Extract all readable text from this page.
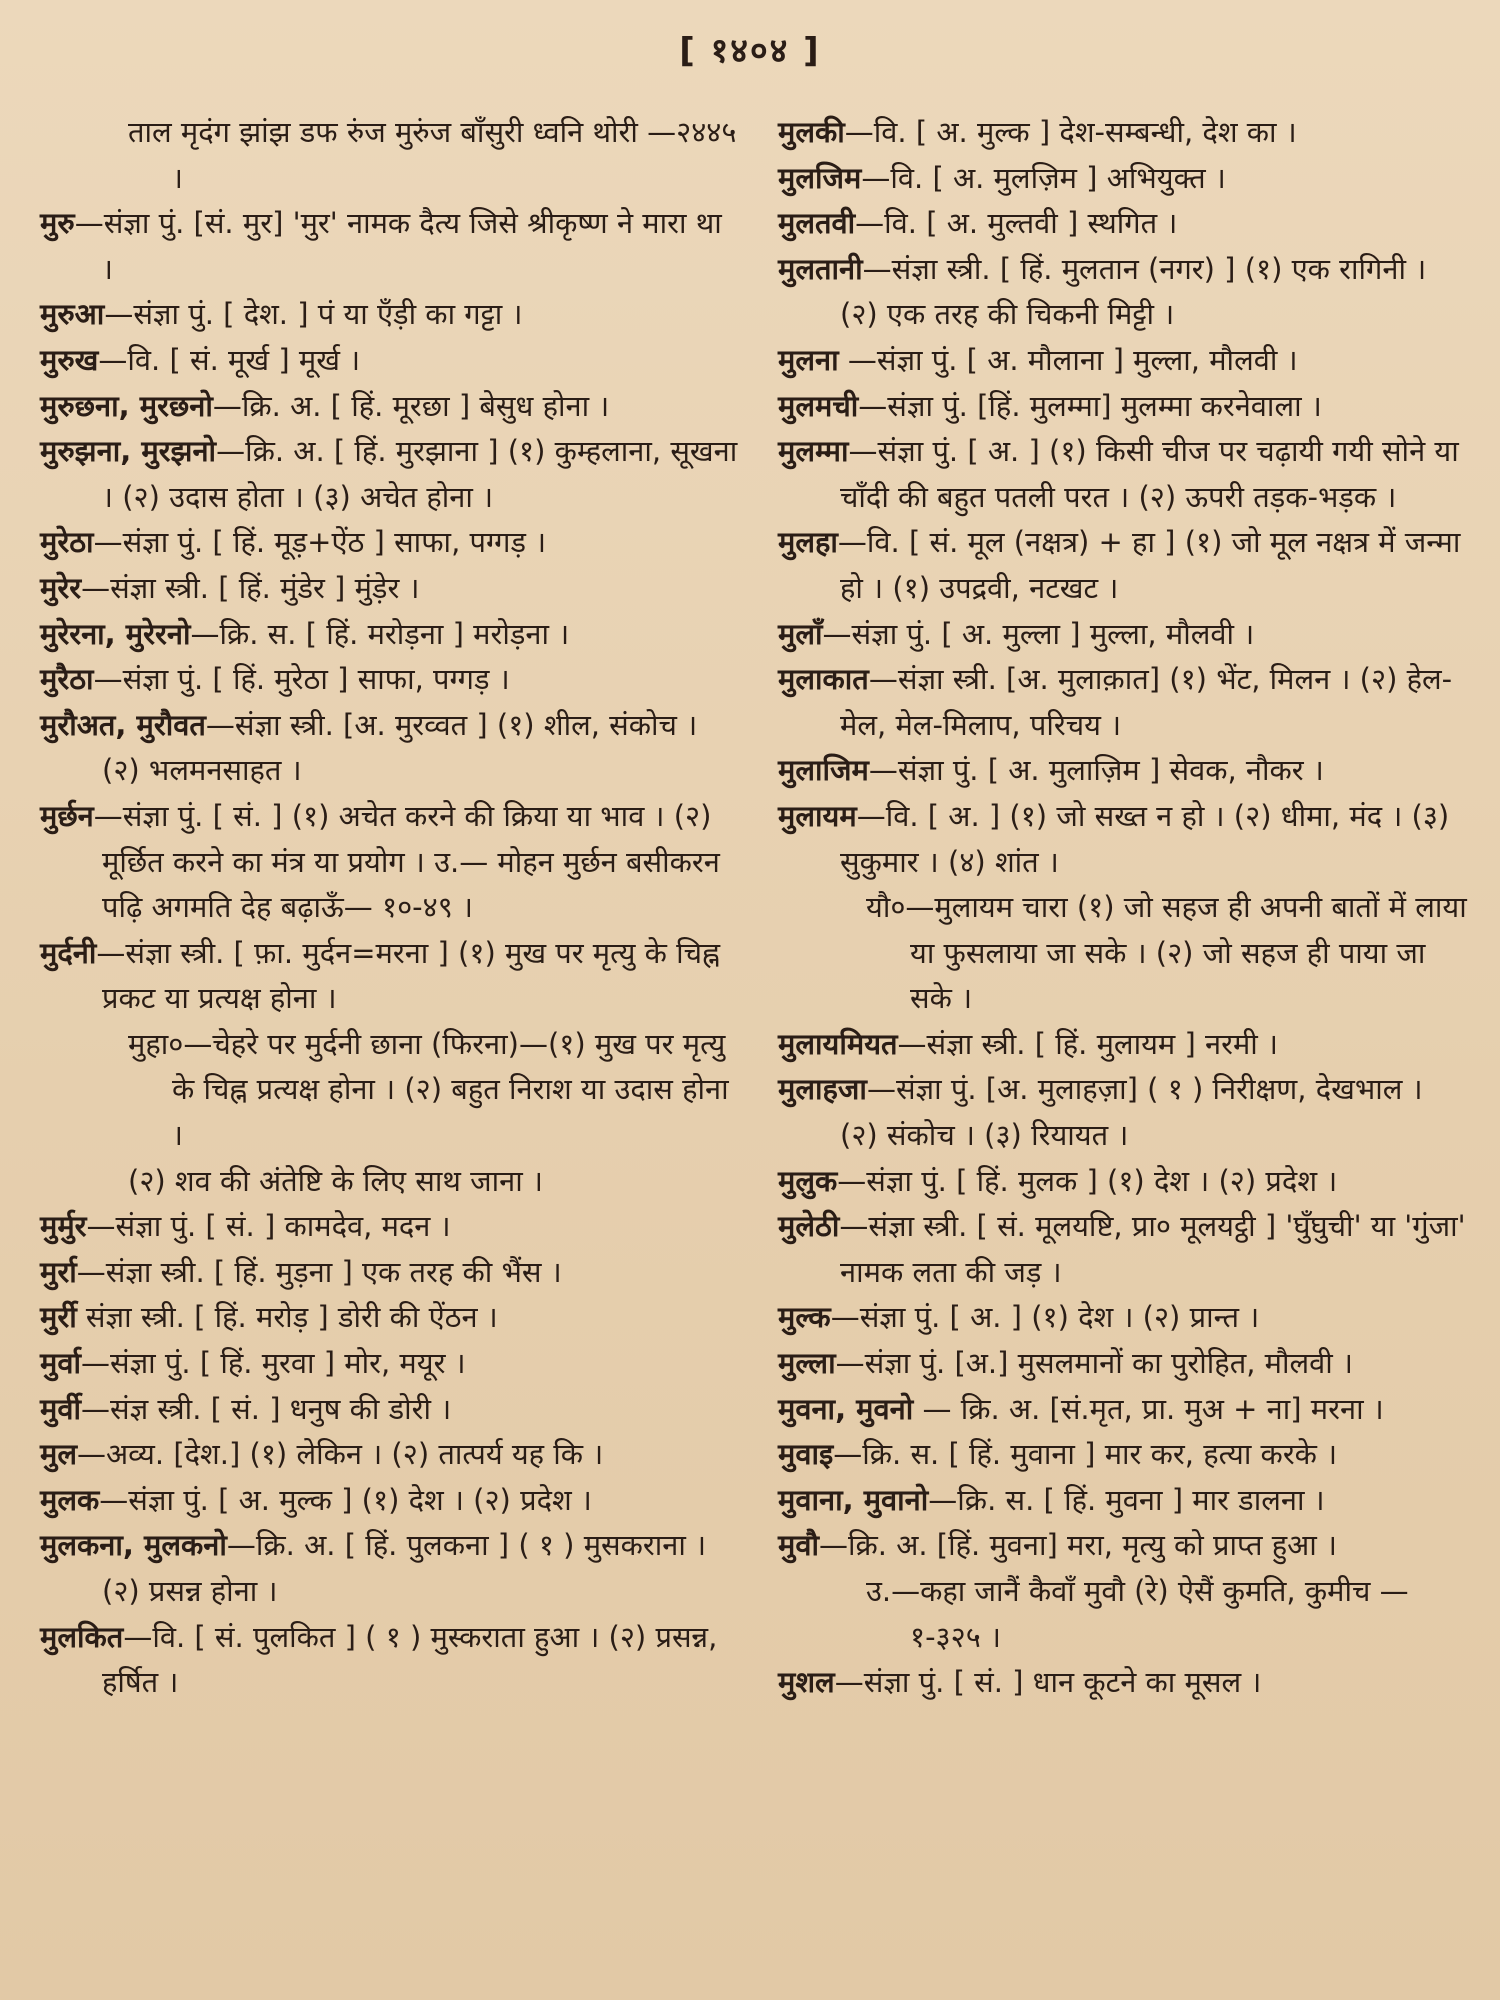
[ १४०४ ]

ताल मृदंग झांझ डफ रुंज मुरुंज बाँसुरी ध्वनि थोरी —२४४५ ।

मुरु—संज्ञा पुं. [सं. मुर] 'मुर' नामक दैत्य जिसे श्रीकृष्ण ने मारा था ।

मुरुआ—संज्ञा पुं. [ देश. ] पं या एँड़ी का गट्टा ।

मुरुख—वि. [ सं. मूर्ख ] मूर्ख ।

मुरुछना, मुरछनो—क्रि. अ. [ हिं. मूरछा ] बेसुध होना ।

मुरुझना, मुरझनो—क्रि. अ. [ हिं. मुरझाना ] (१) कुम्हलाना, सूखना । (२) उदास होता । (३) अचेत होना ।

मुरेठा—संज्ञा पुं. [ हिं. मूड़+ऐंठ ] साफा, पग्गड़ ।

मुरेर—संज्ञा स्त्री. [ हिं. मुंडेर ] मुंड़ेर ।

मुरेरना, मुरेरनो—क्रि. स. [ हिं. मरोड़ना ] मरोड़ना ।

मुरैठा—संज्ञा पुं. [ हिं. मुरेठा ] साफा, पग्गड़ ।

मुरौअत, मुरौवत—संज्ञा स्त्री. [अ. मुरव्वत ] (१) शील, संकोच । (२) भलमनसाहत ।

मुर्छन—संज्ञा पुं. [ सं. ] (१) अचेत करने की क्रिया या भाव । (२) मूर्छित करने का मंत्र या प्रयोग । उ.— मोहन मुर्छन बसीकरन पढ़ि अगमति देह बढ़ाऊँ— १०-४९ ।

मुर्दनी—संज्ञा स्त्री. [ फ़ा. मुर्दन=मरना ] (१) मुख पर मृत्यु के चिह्न प्रकट या प्रत्यक्ष होना ।

मुहा०—चेहरे पर मुर्दनी छाना (फिरना)—(१) मुख पर मृत्यु के चिह्न प्रत्यक्ष होना । (२) बहुत निराश या उदास होना ।

(२) शव की अंतेष्टि के लिए साथ जाना ।

मुर्मुर—संज्ञा पुं. [ सं. ] कामदेव, मदन ।

मुर्रा—संज्ञा स्त्री. [ हिं. मुड़ना ] एक तरह की भैंस ।

मुर्री संज्ञा स्त्री. [ हिं. मरोड़ ] डोरी की ऐंठन ।

मुर्वा—संज्ञा पुं. [ हिं. मुरवा ] मोर, मयूर ।

मुर्वी—संज्ञ स्त्री. [ सं. ] धनुष की डोरी ।

मुल—अव्य. [देश.] (१) लेकिन । (२) तात्पर्य यह कि ।

मुलक—संज्ञा पुं. [ अ. मुल्क ] (१) देश । (२) प्रदेश ।

मुलकना, मुलकनो—क्रि. अ. [ हिं. पुलकना ] ( १ ) मुसकराना । (२) प्रसन्न होना ।

मुलकित—वि. [ सं. पुलकित ] ( १ ) मुस्कराता हुआ । (२) प्रसन्न, हर्षित ।

मुलकी—वि. [ अ. मुल्क ] देश-सम्बन्धी, देश का ।

मुलजिम—वि. [ अ. मुलज़िम ] अभियुक्त ।

मुलतवी—वि. [ अ. मुल्तवी ] स्थगित ।

मुलतानी—संज्ञा स्त्री. [ हिं. मुलतान (नगर) ] (१) एक रागिनी । (२) एक तरह की चिकनी मिट्टी ।

मुलना —संज्ञा पुं. [ अ. मौलाना ] मुल्ला, मौलवी ।

मुलमची—संज्ञा पुं. [हिं. मुलम्मा] मुलम्मा करनेवाला ।

मुलम्मा—संज्ञा पुं. [ अ. ] (१) किसी चीज पर चढ़ायी गयी सोने या चाँदी की बहुत पतली परत । (२) ऊपरी तड़क-भड़क ।

मुलहा—वि. [ सं. मूल (नक्षत्र) + हा ] (१) जो मूल नक्षत्र में जन्मा हो । (१) उपद्रवी, नटखट ।

मुलाँ—संज्ञा पुं. [ अ. मुल्ला ] मुल्ला, मौलवी ।

मुलाकात—संज्ञा स्त्री. [अ. मुलाक़ात] (१) भेंट, मिलन । (२) हेल-मेल, मेल-मिलाप, परिचय ।

मुलाजिम—संज्ञा पुं. [ अ. मुलाज़िम ] सेवक, नौकर ।

मुलायम—वि. [ अ. ] (१) जो सख्त न हो । (२) धीमा, मंद । (३) सुकुमार । (४) शांत ।

यौ०—मुलायम चारा (१) जो सहज ही अपनी बातों में लाया या फुसलाया जा सके । (२) जो सहज ही पाया जा सके ।

मुलायमियत—संज्ञा स्त्री. [ हिं. मुलायम ] नरमी ।

मुलाहजा—संज्ञा पुं. [अ. मुलाहज़ा] ( १ ) निरीक्षण, देखभाल । (२) संकोच । (३) रियायत ।

मुलुक—संज्ञा पुं. [ हिं. मुलक ] (१) देश । (२) प्रदेश ।

मुलेठी—संज्ञा स्त्री. [ सं. मूलयष्टि, प्रा० मूलयट्ठी ] 'घुँघुची' या 'गुंजा' नामक लता की जड़ ।

मुल्क—संज्ञा पुं. [ अ. ] (१) देश । (२) प्रान्त ।

मुल्ला—संज्ञा पुं. [अ.] मुसलमानों का पुरोहित, मौलवी ।

मुवना, मुवनो — क्रि. अ. [सं.मृत, प्रा. मुअ + ना] मरना ।

मुवाइ—क्रि. स. [ हिं. मुवाना ] मार कर, हत्या करके ।

मुवाना, मुवानो—क्रि. स. [ हिं. मुवना ] मार डालना ।

मुवौ—क्रि. अ. [हिं. मुवना] मरा, मृत्यु को प्राप्त हुआ ।

उ.—कहा जानैं कैवाँ मुवौ (रे) ऐसैं कुमति, कुमीच —१-३२५ ।

मुशल—संज्ञा पुं. [ सं. ] धान कूटने का मूसल ।
